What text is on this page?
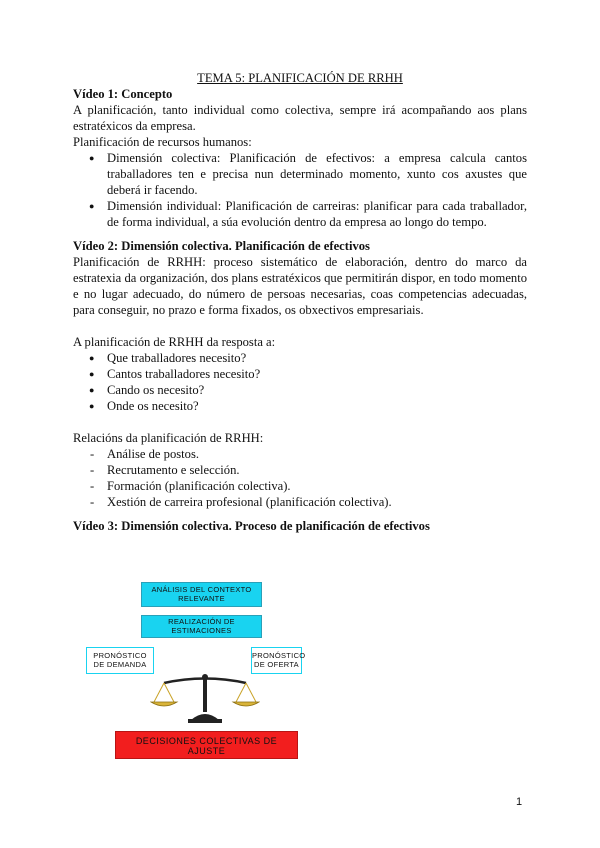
TEMA 5: PLANIFICACIÓN DE RRHH

Vídeo 1: Concepto

A planificación, tanto individual como colectiva, sempre irá acompañando aos plans estratéxicos da empresa.

Planificación de recursos humanos:

● Dimensión colectiva: Planificación de efectivos: a empresa calcula cantos traballadores ten e precisa nun determinado momento, xunto cos axustes que deberá ir facendo.
● Dimensión individual: Planificación de carreiras: planificar para cada traballador, de forma individual, a súa evolución dentro da empresa ao longo do tempo.

Vídeo 2: Dimensión colectiva. Planificación de efectivos

Planificación de RRHH: proceso sistemático de elaboración, dentro do marco da estratexia da organización, dos plans estratéxicos que permitirán dispor, en todo momento e no lugar adecuado, do número de persoas necesarias, coas competencias adecuadas, para conseguir, no prazo e forma fixados, os obxectivos empresariais.

A planificación de RRHH da resposta a:

● Que traballadores necesito?
● Cantos traballadores necesito?
● Cando os necesito?
● Onde os necesito?

Relacións da planificación de RRHH:

- Análise de postos.
- Recrutamento e selección.
- Formación (planificación colectiva).
- Xestión de carreira profesional (planificación colectiva).

Vídeo 3: Dimensión colectiva. Proceso de planificación de efectivos

ANÁLISIS DEL CONTEXTO RELEVANTE
REALIZACIÓN DE ESTIMACIONES
PRONÓSTICO DE DEMANDA
PRONÓSTICO DE OFERTA
DECISIONES COLECTIVAS DE AJUSTE
1
